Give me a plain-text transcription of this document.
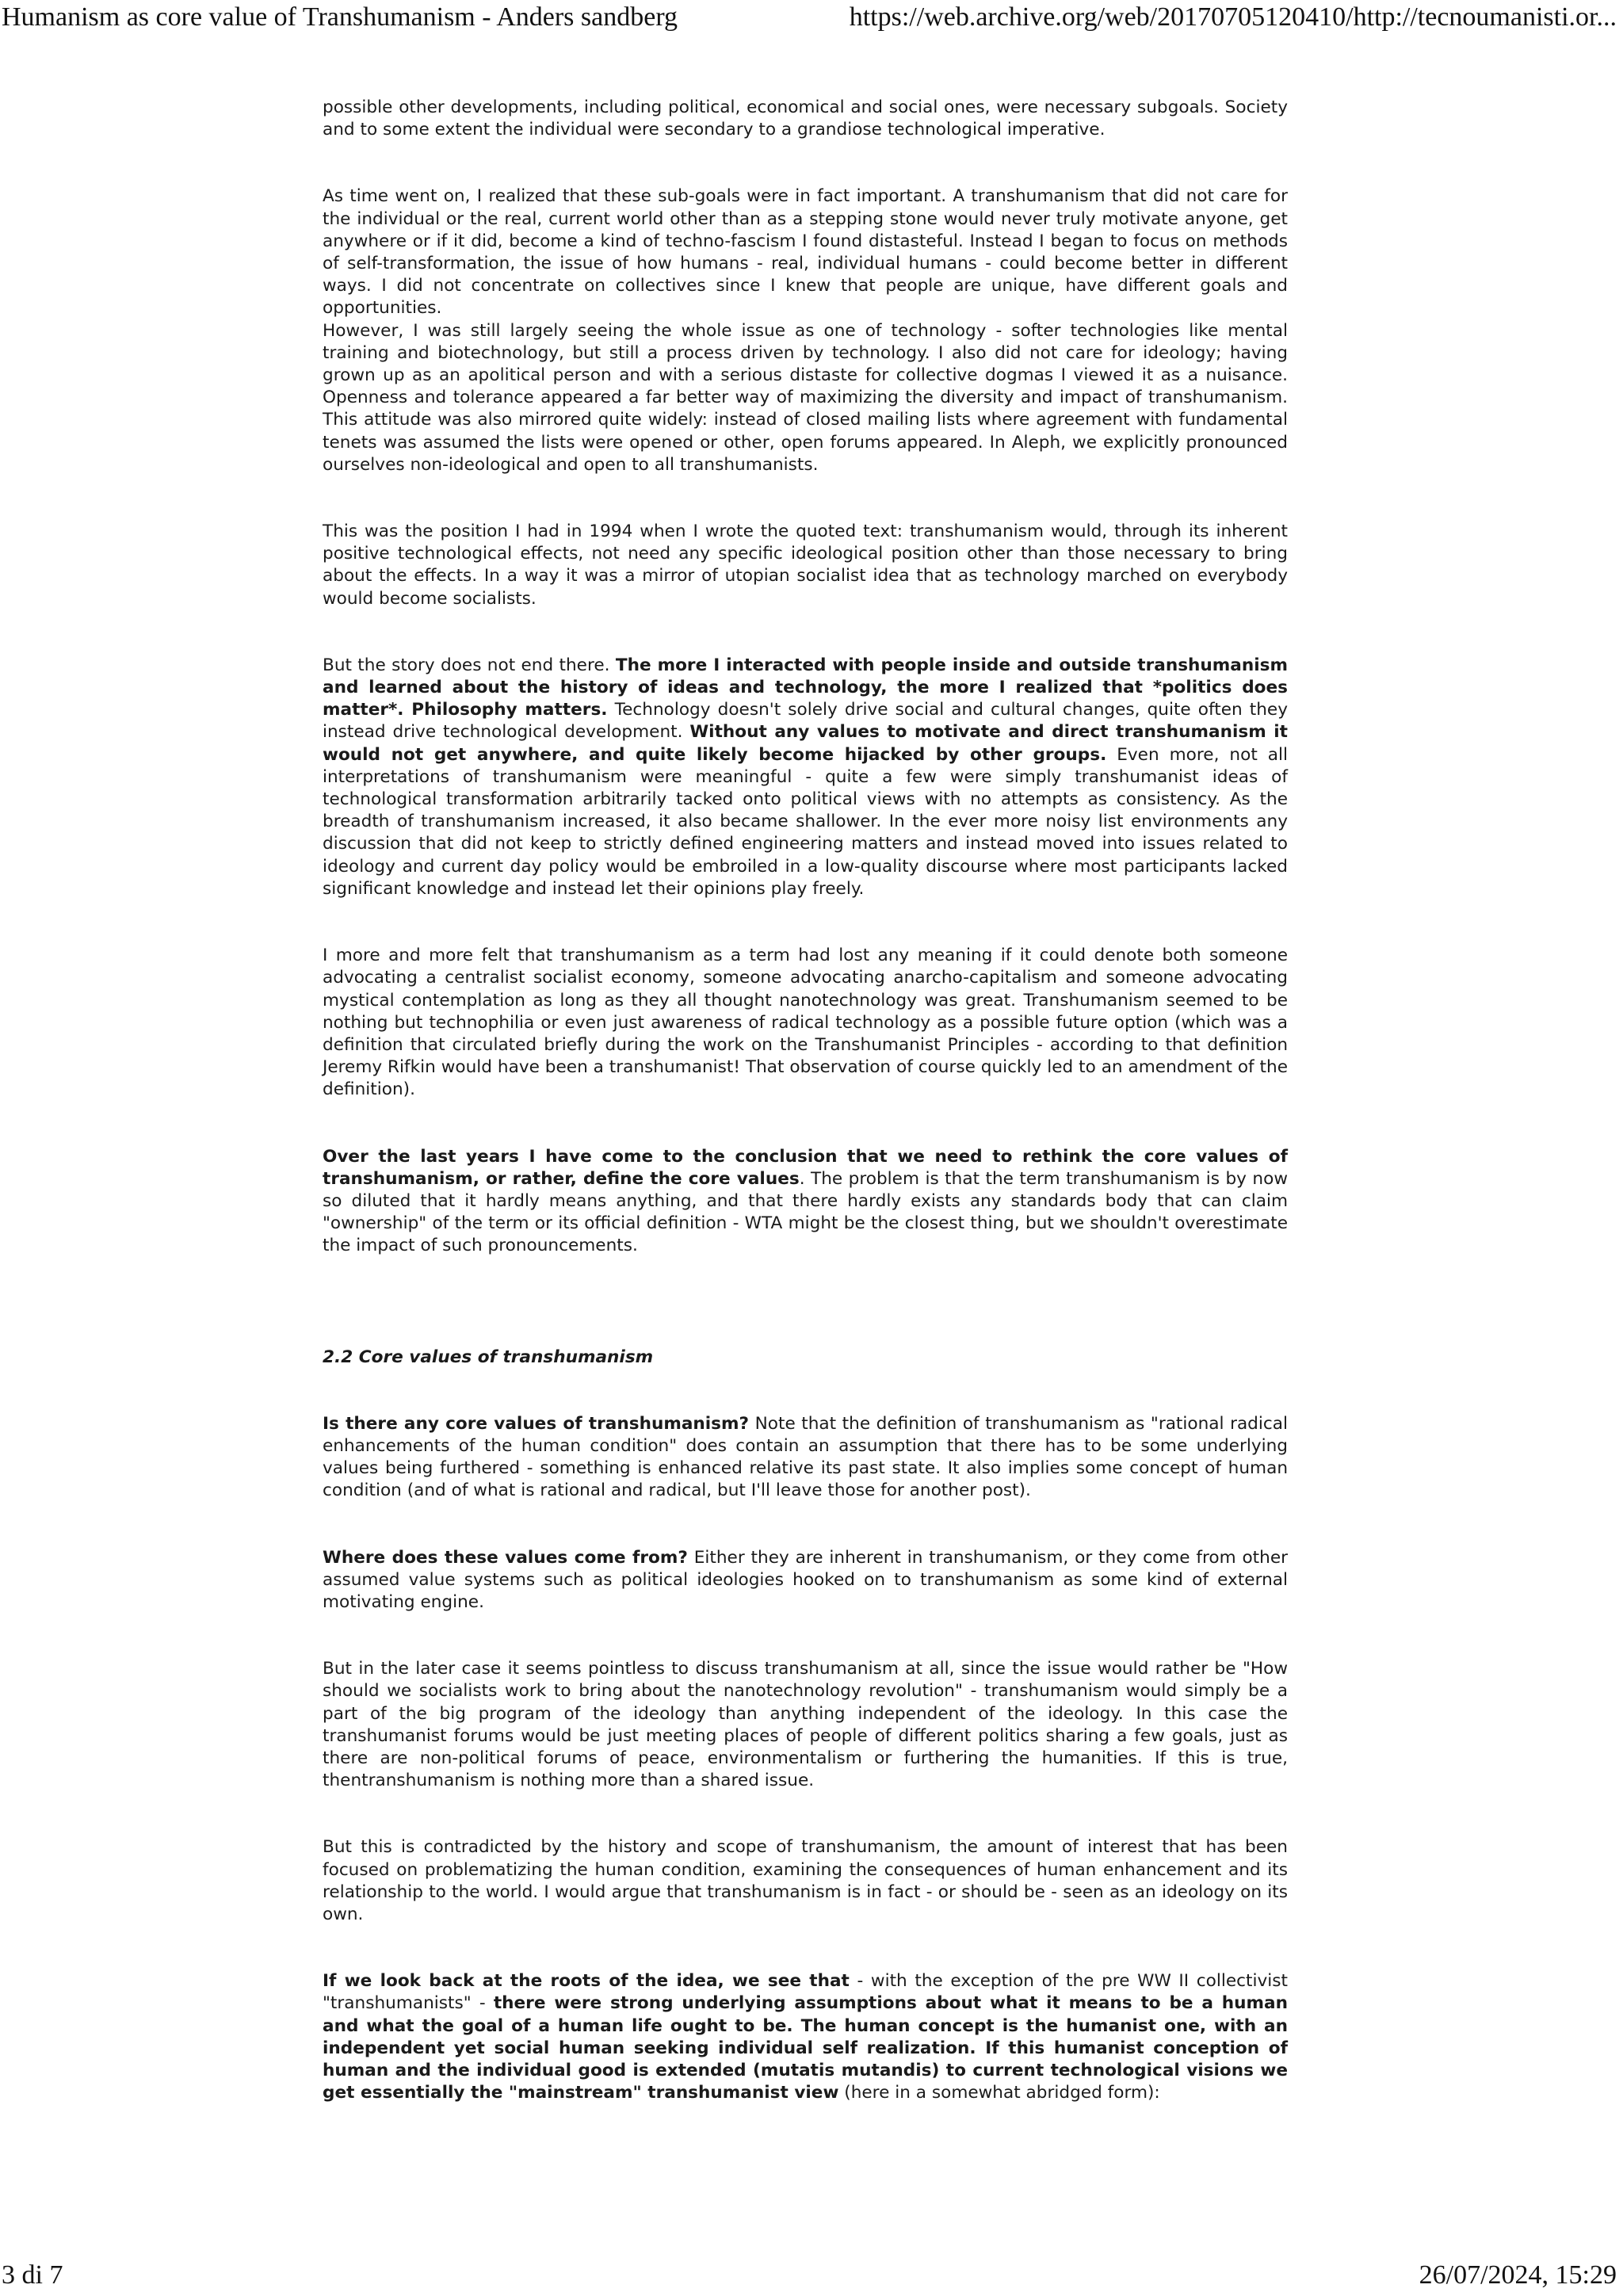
Humanism as core value of Transhumanism - Anders sandberg	https://web.archive.org/web/20170705120410/http://tecnoumanisti.or...

possible other developments, including political, economical and social ones, were necessary subgoals. Society and to some extent the individual were secondary to a grandiose technological imperative.

As time went on, I realized that these sub-goals were in fact important. A transhumanism that did not care for the individual or the real, current world other than as a stepping stone would never truly motivate anyone, get anywhere or if it did, become a kind of techno-fascism I found distasteful. Instead I began to focus on methods of self-transformation, the issue of how humans - real, individual humans - could become better in different ways. I did not concentrate on collectives since I knew that people are unique, have different goals and opportunities.

However, I was still largely seeing the whole issue as one of technology - softer technologies like mental training and biotechnology, but still a process driven by technology. I also did not care for ideology; having grown up as an apolitical person and with a serious distaste for collective dogmas I viewed it as a nuisance. Openness and tolerance appeared a far better way of maximizing the diversity and impact of transhumanism. This attitude was also mirrored quite widely: instead of closed mailing lists where agreement with fundamental tenets was assumed the lists were opened or other, open forums appeared. In Aleph, we explicitly pronounced ourselves non-ideological and open to all transhumanists.

This was the position I had in 1994 when I wrote the quoted text: transhumanism would, through its inherent positive technological effects, not need any specific ideological position other than those necessary to bring about the effects. In a way it was a mirror of utopian socialist idea that as technology marched on everybody would become socialists.

But the story does not end there. The more I interacted with people inside and outside transhumanism and learned about the history of ideas and technology, the more I realized that *politics does matter*. Philosophy matters. Technology doesn't solely drive social and cultural changes, quite often they instead drive technological development. Without any values to motivate and direct transhumanism it would not get anywhere, and quite likely become hijacked by other groups. Even more, not all interpretations of transhumanism were meaningful - quite a few were simply transhumanist ideas of technological transformation arbitrarily tacked onto political views with no attempts as consistency. As the breadth of transhumanism increased, it also became shallower. In the ever more noisy list environments any discussion that did not keep to strictly defined engineering matters and instead moved into issues related to ideology and current day policy would be embroiled in a low-quality discourse where most participants lacked significant knowledge and instead let their opinions play freely.

I more and more felt that transhumanism as a term had lost any meaning if it could denote both someone advocating a centralist socialist economy, someone advocating anarcho-capitalism and someone advocating mystical contemplation as long as they all thought nanotechnology was great. Transhumanism seemed to be nothing but technophilia or even just awareness of radical technology as a possible future option (which was a definition that circulated briefly during the work on the Transhumanist Principles - according to that definition Jeremy Rifkin would have been a transhumanist! That observation of course quickly led to an amendment of the definition).

Over the last years I have come to the conclusion that we need to rethink the core values of transhumanism, or rather, define the core values. The problem is that the term transhumanism is by now so diluted that it hardly means anything, and that there hardly exists any standards body that can claim "ownership" of the term or its official definition - WTA might be the closest thing, but we shouldn't overestimate the impact of such pronouncements.

2.2 Core values of transhumanism

Is there any core values of transhumanism? Note that the definition of transhumanism as "rational radical enhancements of the human condition" does contain an assumption that there has to be some underlying values being furthered - something is enhanced relative its past state. It also implies some concept of human condition (and of what is rational and radical, but I'll leave those for another post).

Where does these values come from? Either they are inherent in transhumanism, or they come from other assumed value systems such as political ideologies hooked on to transhumanism as some kind of external motivating engine.

But in the later case it seems pointless to discuss transhumanism at all, since the issue would rather be "How should we socialists work to bring about the nanotechnology revolution" - transhumanism would simply be a part of the big program of the ideology than anything independent of the ideology. In this case the transhumanist forums would be just meeting places of people of different politics sharing a few goals, just as there are non-political forums of peace, environmentalism or furthering the humanities. If this is true, thentranshumanism is nothing more than a shared issue.

But this is contradicted by the history and scope of transhumanism, the amount of interest that has been focused on problematizing the human condition, examining the consequences of human enhancement and its relationship to the world. I would argue that transhumanism is in fact - or should be - seen as an ideology on its own.

If we look back at the roots of the idea, we see that - with the exception of the pre WW II collectivist "transhumanists" - there were strong underlying assumptions about what it means to be a human and what the goal of a human life ought to be. The human concept is the humanist one, with an independent yet social human seeking individual self realization. If this humanist conception of human and the individual good is extended (mutatis mutandis) to current technological visions we get essentially the "mainstream" transhumanist view (here in a somewhat abridged form):

3 di 7	26/07/2024, 15:29
